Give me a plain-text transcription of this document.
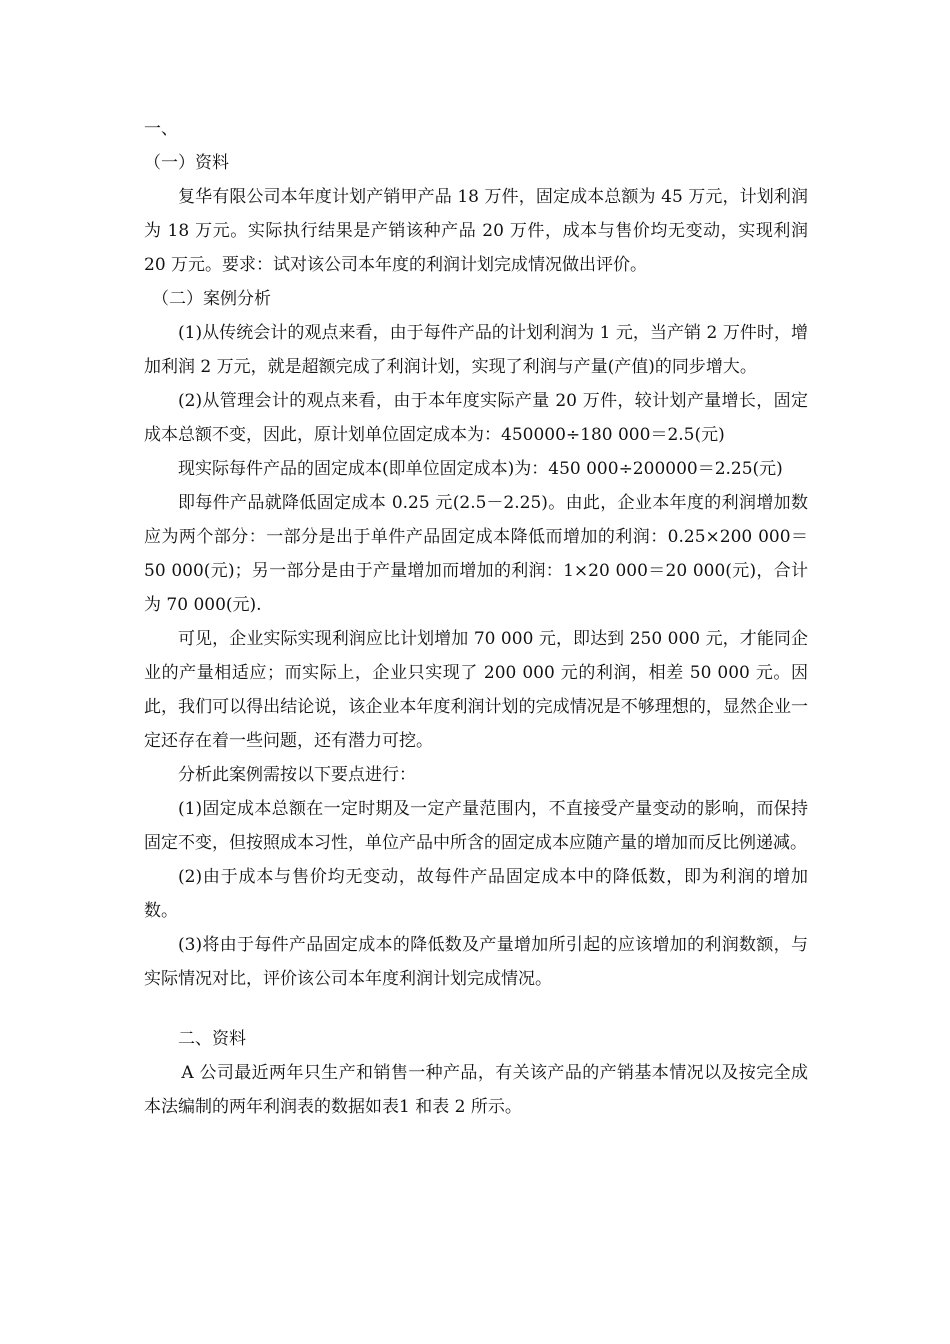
一、

（一）资料

复华有限公司本年度计划产销甲产品 18 万件，固定成本总额为 45 万元，计划利润为 18 万元。实际执行结果是产销该种产品 20 万件，成本与售价均无变动，实现利润 20 万元。要求：试对该公司本年度的利润计划完成情况做出评价。

（二）案例分析

(1)从传统会计的观点来看，由于每件产品的计划利润为 1 元，当产销 2 万件时，增加利润 2 万元，就是超额完成了利润计划，实现了利润与产量(产值)的同步增大。

(2)从管理会计的观点来看，由于本年度实际产量 20 万件，较计划产量增长，固定成本总额不变，因此，原计划单位固定成本为：450000÷180 000＝2.5(元)

现实际每件产品的固定成本(即单位固定成本)为：450 000÷200000＝2.25(元)

即每件产品就降低固定成本 0.25 元(2.5－2.25)。由此，企业本年度的利润增加数应为两个部分：一部分是出于单件产品固定成本降低而增加的利润：0.25×200 000＝50 000(元)；另一部分是由于产量增加而增加的利润：1×20 000＝20 000(元)，合计为 70 000(元).

可见，企业实际实现利润应比计划增加 70 000 元，即达到 250 000 元，才能同企业的产量相适应；而实际上，企业只实现了 200 000 元的利润，相差 50 000 元。因此，我们可以得出结论说，该企业本年度利润计划的完成情况是不够理想的，显然企业一定还存在着一些问题，还有潜力可挖。

分析此案例需按以下要点进行：

(1)固定成本总额在一定时期及一定产量范围内，不直接受产量变动的影响，而保持固定不变，但按照成本习性，单位产品中所含的固定成本应随产量的增加而反比例递减。

(2)由于成本与售价均无变动，故每件产品固定成本中的降低数，即为利润的增加数。

(3)将由于每件产品固定成本的降低数及产量增加所引起的应该增加的利润数额，与实际情况对比，评价该公司本年度利润计划完成情况。

二、资料

A 公司最近两年只生产和销售一种产品，有关该产品的产销基本情况以及按完全成本法编制的两年利润表的数据如表1 和表 2 所示。
